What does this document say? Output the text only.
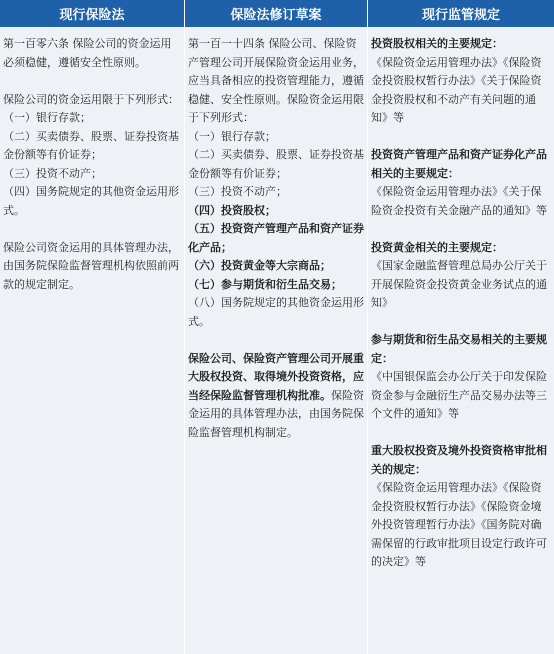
现行保险法	保险法修订草案	现行监管规定

第一百零六条 保险公司的资金运用必须稳健，遵循安全性原则。

保险公司的资金运用限于下列形式：

（一）银行存款；

（二）买卖债券、股票、证券投资基金份额等有价证券；

（三）投资不动产；

（四）国务院规定的其他资金运用形式。

保险公司资金运用的具体管理办法，由国务院保险监督管理机构依照前两款的规定制定。

第一百一十四条 保险公司、保险资产管理公司开展保险资金运用业务，应当具备相应的投资管理能力，遵循稳健、安全性原则。保险资金运用限于下列形式：

（一）银行存款；

（二）买卖债券、股票、证券投资基金份额等有价证券；

（三）投资不动产；

（四）投资股权；

（五）投资资产管理产品和资产证券化产品；

（六）投资黄金等大宗商品；

（七）参与期货和衍生品交易；

（八）国务院规定的其他资金运用形式。

保险公司、保险资产管理公司开展重大股权投资、取得境外投资资格，应当经保险监督管理机构批准。保险资金运用的具体管理办法，由国务院保险监督管理机构制定。

投资股权相关的主要规定：

《保险资金运用管理办法》《保险资金投资股权暂行办法》《关于保险资金投资股权和不动产有关问题的通知》等

投资资产管理产品和资产证券化产品相关的主要规定：

《保险资金运用管理办法》《关于保险资金投资有关金融产品的通知》等

投资黄金相关的主要规定：

《国家金融监督管理总局办公厅关于开展保险资金投资黄金业务试点的通知》

参与期货和衍生品交易相关的主要规定：

《中国银保监会办公厅关于印发保险资金参与金融衍生产品交易办法等三个文件的通知》等

重大股权投资及境外投资资格审批相关的规定：

《保险资金运用管理办法》《保险资金投资股权暂行办法》《保险资金境外投资管理暂行办法》《国务院对确需保留的行政审批项目设定行政许可的决定》等
